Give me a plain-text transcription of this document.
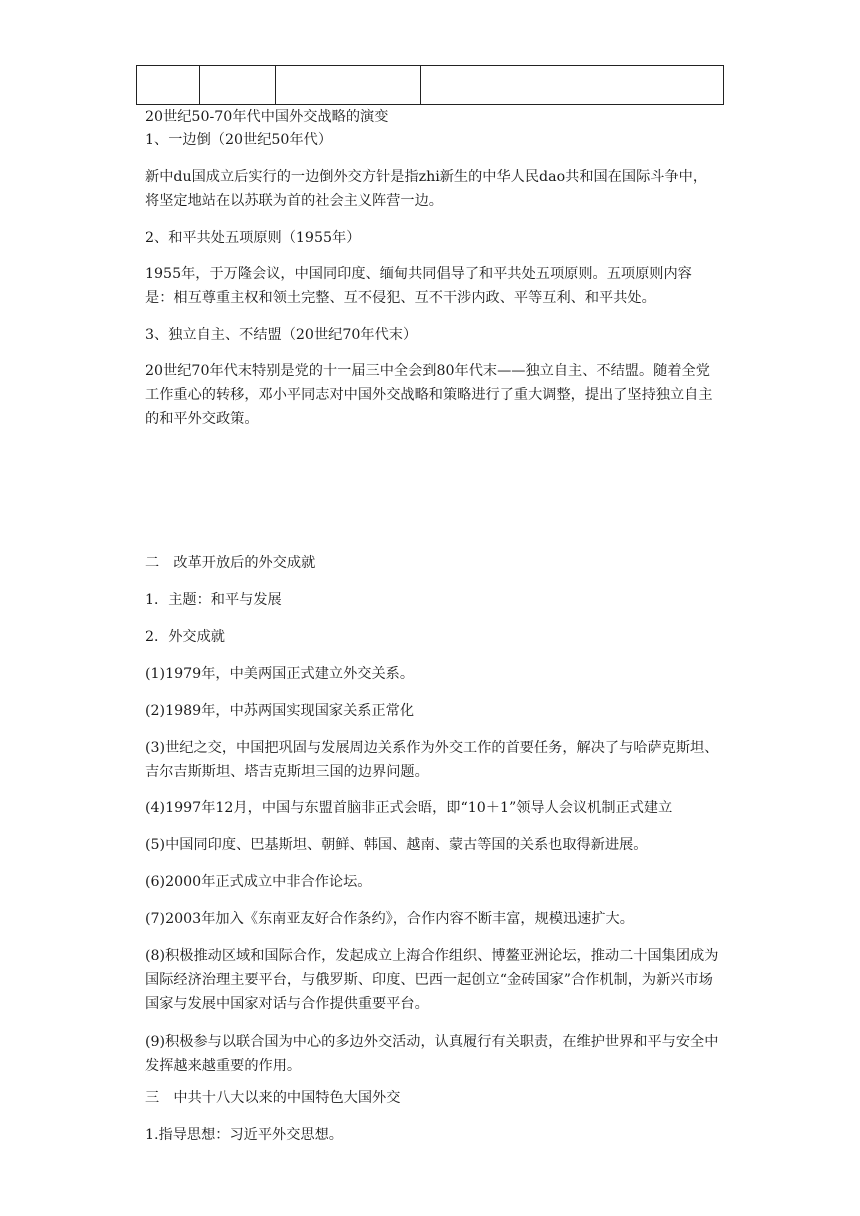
20世纪50-70年代中国外交战略的演变
1、一边倒（20世纪50年代）

新中du国成立后实行的一边倒外交方针是指zhi新生的中华人民dao共和国在国际斗争中，将坚定地站在以苏联为首的社会主义阵营一边。

2、和平共处五项原则（1955年）

1955年，于万隆会议，中国同印度、缅甸共同倡导了和平共处五项原则。五项原则内容是：相互尊重主权和领土完整、互不侵犯、互不干涉内政、平等互利、和平共处。

3、独立自主、不结盟（20世纪70年代末）

20世纪70年代末特别是党的十一届三中全会到80年代末——独立自主、不结盟。随着全党工作重心的转移，邓小平同志对中国外交战略和策略进行了重大调整，提出了坚持独立自主的和平外交政策。

二　改革开放后的外交成就
1．主题：和平与发展
2．外交成就
(1)1979年，中美两国正式建立外交关系。
(2)1989年，中苏两国实现国家关系正常化

(3)世纪之交，中国把巩固与发展周边关系作为外交工作的首要任务，解决了与哈萨克斯坦、吉尔吉斯斯坦、塔吉克斯坦三国的边界问题。

(4)1997年12月，中国与东盟首脑非正式会晤，即“10＋1”领导人会议机制正式建立
(5)中国同印度、巴基斯坦、朝鲜、韩国、越南、蒙古等国的关系也取得新进展。
(6)2000年正式成立中非合作论坛。
(7)2003年加入《东南亚友好合作条约》，合作内容不断丰富，规模迅速扩大。

(8)积极推动区域和国际合作，发起成立上海合作组织、博鳌亚洲论坛，推动二十国集团成为国际经济治理主要平台，与俄罗斯、印度、巴西一起创立“金砖国家”合作机制，为新兴市场国家与发展中国家对话与合作提供重要平台。

(9)积极参与以联合国为中心的多边外交活动，认真履行有关职责，在维护世界和平与安全中发挥越来越重要的作用。

三　中共十八大以来的中国特色大国外交
1.指导思想：习近平外交思想。
